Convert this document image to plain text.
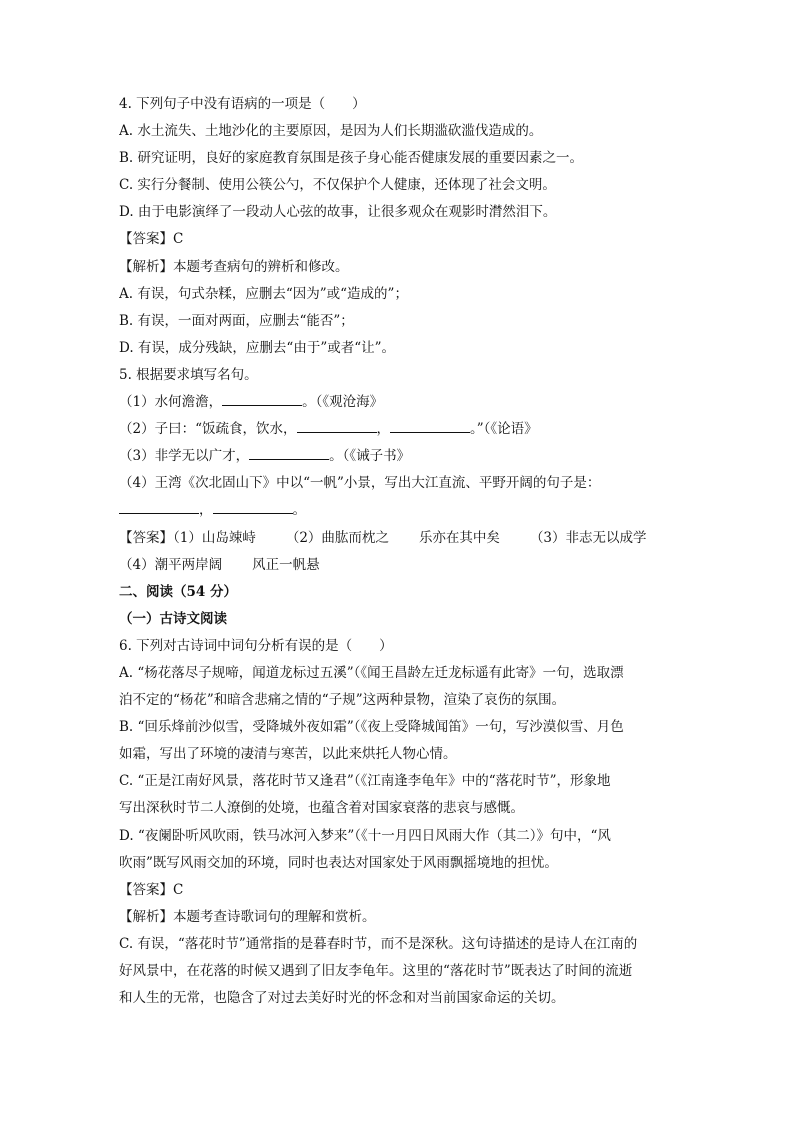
4. 下列句子中没有语病的一项是（　　）
A. 水土流失、土地沙化的主要原因，是因为人们长期滥砍滥伐造成的。
B. 研究证明，良好的家庭教育氛围是孩子身心能否健康发展的重要因素之一。
C. 实行分餐制、使用公筷公勺，不仅保护个人健康，还体现了社会文明。
D. 由于电影演绎了一段动人心弦的故事，让很多观众在观影时潸然泪下。
【答案】C
【解析】本题考查病句的辨析和修改。
A. 有误，句式杂糅，应删去“因为”或“造成的”；
B. 有误，一面对两面，应删去“能否”；
D. 有误，成分残缺，应删去“由于”或者“让”。
5. 根据要求填写名句。
（1）水何澹澹，	。（《观沧海》
（2）子曰：“饭疏食，饮水，	，	。”（《论语》
（3）非学无以广才，	。（《诫子书》
（4）王湾《次北固山下》中以“一帆”小景，写出大江直流、平野开阔的句子是：
，	。
【答案】（1）山岛竦峙 （2）曲肱而枕之 乐亦在其中矣 （3）非志无以成学
（4）潮平两岸阔 风正一帆悬
二、阅读（54 分）
（一）古诗文阅读
6. 下列对古诗词中词句分析有误的是（　　）
A. “杨花落尽子规啼，闻道龙标过五溪”（《闻王昌龄左迁龙标遥有此寄》一句，选取漂
泊不定的“杨花”和暗含悲痛之情的“子规”这两种景物，渲染了哀伤的氛围。
B. “回乐烽前沙似雪，受降城外夜如霜”（《夜上受降城闻笛》一句，写沙漠似雪、月色
如霜，写出了环境的凄清与寒苦，以此来烘托人物心情。
C. “正是江南好风景，落花时节又逢君”（《江南逢李龟年》中的“落花时节”，形象地
写出深秋时节二人潦倒的处境，也蕴含着对国家衰落的悲哀与感慨。
D. “夜阑卧听风吹雨，铁马冰河入梦来”（《十一月四日风雨大作（其二）》句中，“风
吹雨”既写风雨交加的环境，同时也表达对国家处于风雨飘摇境地的担忧。
【答案】C
【解析】本题考查诗歌词句的理解和赏析。
C. 有误，“落花时节”通常指的是暮春时节，而不是深秋。这句诗描述的是诗人在江南的
好风景中，在花落的时候又遇到了旧友李龟年。这里的“落花时节”既表达了时间的流逝
和人生的无常，也隐含了对过去美好时光的怀念和对当前国家命运的关切。
